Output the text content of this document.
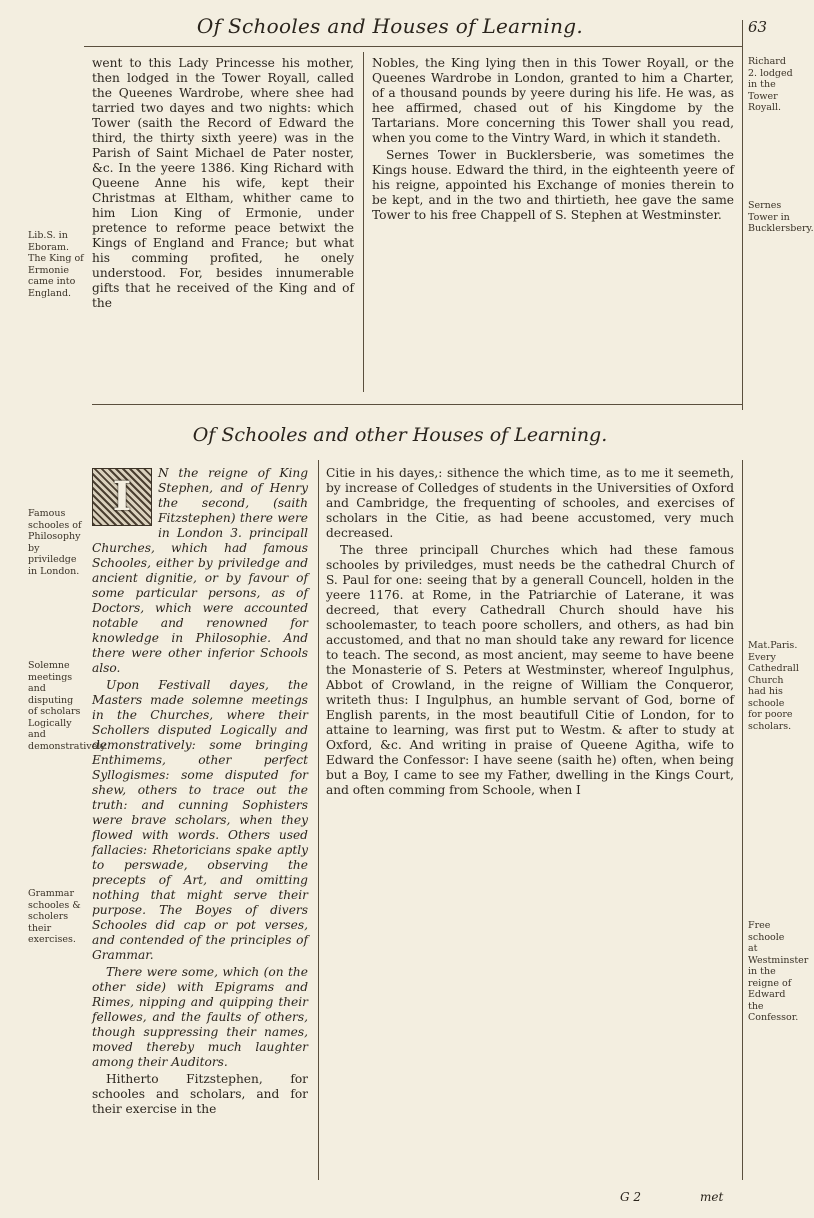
Of Schooles and Houses of Learning.	63
Lib.S. in Eboram. The King of Ermonie came into England.

went to this Lady Princesse his mother, then lodged in the Tower Royall, called the Queenes Wardrobe, where shee had tarried two dayes and two nights: which Tower (saith the Record of Edward the third, the thirty sixth yeere) was in the Parish of Saint Michael de Pater noster, &c. In the yeere 1386. King Richard with Queene Anne his wife, kept their Christmas at Eltham, whither came to him Lion King of Ermonie, under pretence to reforme peace betwixt the Kings of England and France; but what his comming profited, he onely understood. For, besides innumerable gifts that he received of the King and of the

Nobles, the King lying then in this Tower Royall, or the Queenes Wardrobe in London, granted to him a Charter, of a thousand pounds by yeere during his life. He was, as hee affirmed, chased out of his Kingdome by the Tartarians. More concerning this Tower shall you read, when you come to the Vintry Ward, in which it standeth.

Sernes Tower in Bucklersberie, was sometimes the Kings house. Edward the third, in the eighteenth yeere of his reigne, appointed his Exchange of monies therein to be kept, and in the two and thirtieth, hee gave the same Tower to his free Chappell of S. Stephen at Westminster.

Richard 2. lodged in the Tower Royall.
Sernes Tower in Bucklersbery.
Of Schooles and other Houses of Learning.
Famous schooles of Philosophy by priviledge in London.
Solemne meetings and disputing of scholars Logically and demonstratively.
Grammar schooles & scholers their exercises.
I	N the reigne of King Stephen, and of Henry the second, (saith Fitzstephen) there were in London 3. principall Churches, which had famous Schooles, either by priviledge and ancient dignitie, or by favour of some particular persons, as of Doctors, which were accounted notable and renowned for knowledge in Philosophie. And there were other inferior Schools also.

Upon Festivall dayes, the Masters made solemne meetings in the Churches, where their Schollers disputed Logically and demonstratively: some bringing Enthimems, other perfect Syllogismes: some disputed for shew, others to trace out the truth: and cunning Sophisters were brave scholars, when they flowed with words. Others used fallacies: Rhetoricians spake aptly to perswade, observing the precepts of Art, and omitting nothing that might serve their purpose. The Boyes of divers Schooles did cap or pot verses, and contended of the principles of Grammar.

There were some, which (on the other side) with Epigrams and Rimes, nipping and quipping their fellowes, and the faults of others, though suppressing their names, moved thereby much laughter among their Auditors.

Hitherto Fitzstephen, for schooles and scholars, and for their exercise in the

Citie in his dayes,: sithence the which time, as to me it seemeth, by increase of Colledges of students in the Universities of Oxford and Cambridge, the frequenting of schooles, and exercises of scholars in the Citie, as had beene accustomed, very much decreased.

The three principall Churches which had these famous schooles by priviledges, must needs be the cathedral Church of S. Paul for one: seeing that by a generall Councell, holden in the yeere 1176. at Rome, in the Patriarchie of Laterane, it was decreed, that every Cathedrall Church should have his schoolemaster, to teach poore schollers, and others, as had bin accustomed, and that no man should take any reward for licence to teach. The second, as most ancient, may seeme to have beene the Monasterie of S. Peters at Westminster, whereof Ingulphus, Abbot of Crowland, in the reigne of William the Conqueror, writeth thus: I Ingulphus, an humble servant of God, borne of English parents, in the most beautifull Citie of London, for to attaine to learning, was first put to Westm. & after to study at Oxford, &c. And writing in praise of Queene Agitha, wife to Edward the Confessor: I have seene (saith he) often, when being but a Boy, I came to see my Father, dwelling in the Kings Court, and often comming from Schoole, when I

Mat.Paris. Every Cathedrall Church had his schoole for poore scholars.
Free schoole at Westminster in the reigne of Edward the Confessor.
G 2	met
